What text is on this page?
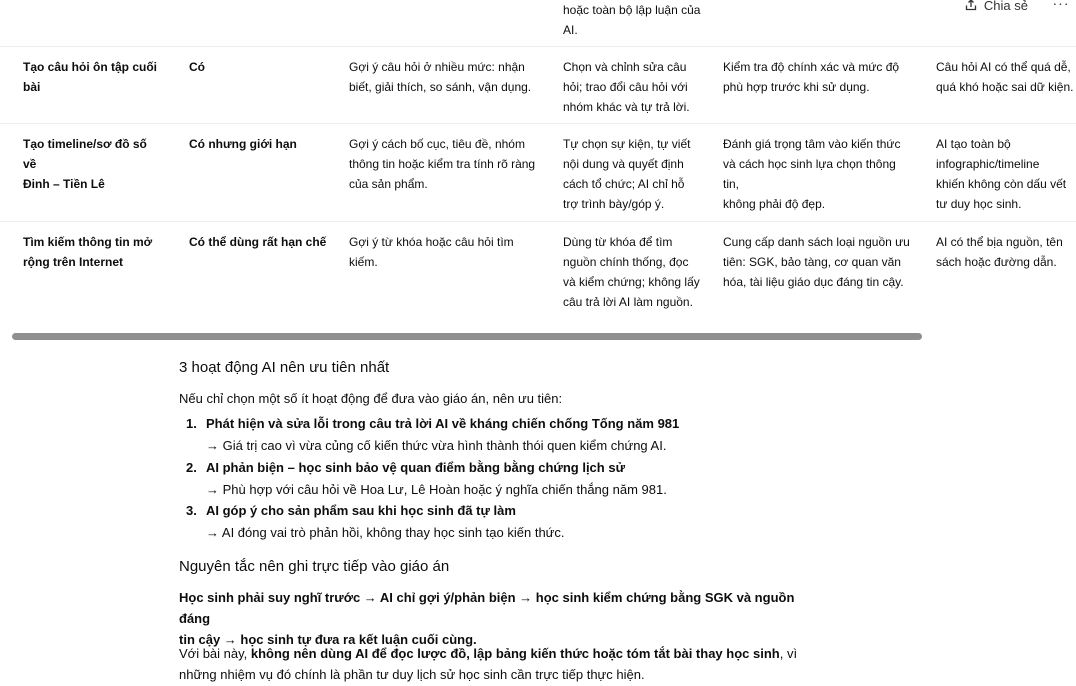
Chia sẻ ···
hoặc toàn bộ lập luận của
AI.
Tạo câu hỏi ôn tập cuối
bài
Có	Gợi ý câu hỏi ở nhiều mức: nhận
biết, giải thích, so sánh, vận dụng.
Chọn và chỉnh sửa câu
hỏi; trao đổi câu hỏi với
nhóm khác và tự trả lời.
Kiểm tra độ chính xác và mức độ
phù hợp trước khi sử dụng.
Câu hỏi AI có thể quá dễ,
quá khó hoặc sai dữ kiện.
Tạo timeline/sơ đồ số về
Đinh – Tiền Lê
Có nhưng giới hạn	Gợi ý cách bố cục, tiêu đề, nhóm
thông tin hoặc kiểm tra tính rõ ràng
của sản phẩm.
Tự chọn sự kiện, tự viết
nội dung và quyết định
cách tổ chức; AI chỉ hỗ
trợ trình bày/góp ý.
Đánh giá trọng tâm vào kiến thức
và cách học sinh lựa chọn thông tin,
không phải độ đẹp.
AI tạo toàn bộ
infographic/timeline
khiến không còn dấu vết
tư duy học sinh.
Tìm kiếm thông tin mở
rộng trên Internet
Có thể dùng rất hạn chế Gợi ý từ khóa hoặc câu hỏi tìm
kiếm.
Dùng từ khóa để tìm
nguồn chính thống, đọc
và kiểm chứng; không lấy
câu trả lời AI làm nguồn.
Cung cấp danh sách loại nguồn ưu
tiên: SGK, bảo tàng, cơ quan văn
hóa, tài liệu giáo dục đáng tin cậy.
AI có thể bịa nguồn, tên
sách hoặc đường dẫn.
3 hoạt động AI nên ưu tiên nhất
Nếu chỉ chọn một số ít hoạt động để đưa vào giáo án, nên ưu tiên:
1. Phát hiện và sửa lỗi trong câu trả lời AI về kháng chiến chống Tống năm 981
→ Giá trị cao vì vừa củng cố kiến thức vừa hình thành thói quen kiểm chứng AI.
2. AI phản biện – học sinh bảo vệ quan điểm bằng bằng chứng lịch sử
→ Phù hợp với câu hỏi về Hoa Lư, Lê Hoàn hoặc ý nghĩa chiến thắng năm 981.
3. AI góp ý cho sản phẩm sau khi học sinh đã tự làm
→ AI đóng vai trò phản hồi, không thay học sinh tạo kiến thức.
Nguyên tắc nên ghi trực tiếp vào giáo án
Học sinh phải suy nghĩ trước → AI chỉ gợi ý/phản biện → học sinh kiểm chứng bằng SGK và nguồn đáng
tin cậy → học sinh tự đưa ra kết luận cuối cùng.
Với bài này, không nên dùng AI để đọc lược đồ, lập bảng kiến thức hoặc tóm tắt bài thay học sinh, vì
những nhiệm vụ đó chính là phần tư duy lịch sử học sinh cần trực tiếp thực hiện.
